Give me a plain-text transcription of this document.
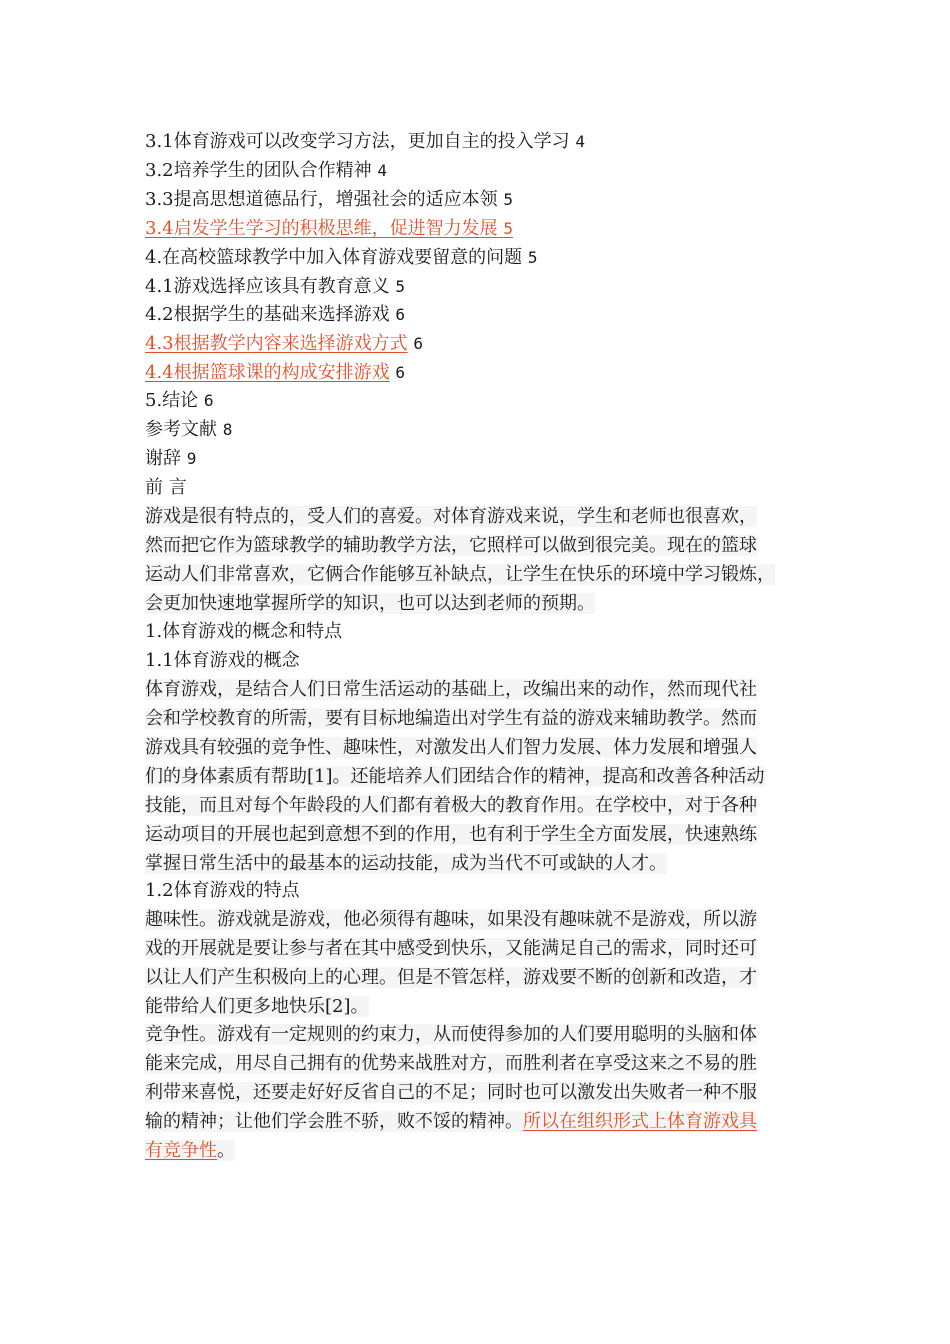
3.1体育游戏可以改变学习方法，更加自主的投入学习 4
3.2培养学生的团队合作精神 4
3.3提高思想道德品行，增强社会的适应本领 5
3.4启发学生学习的积极思维，促进智力发展 5
4.在高校篮球教学中加入体育游戏要留意的问题 5
4.1游戏选择应该具有教育意义 5
4.2根据学生的基础来选择游戏 6
4.3根据教学内容来选择游戏方式 6
4.4根据篮球课的构成安排游戏 6
5.结论 6
参考文献 8
谢辞 9
前 言
游戏是很有特点的，受人们的喜爱。对体育游戏来说，学生和老师也很喜欢，
然而把它作为篮球教学的辅助教学方法，它照样可以做到很完美。现在的篮球
运动人们非常喜欢，它俩合作能够互补缺点，让学生在快乐的环境中学习锻炼，
会更加快速地掌握所学的知识，也可以达到老师的预期。
1.体育游戏的概念和特点
1.1体育游戏的概念
体育游戏，是结合人们日常生活运动的基础上，改编出来的动作，然而现代社
会和学校教育的所需，要有目标地编造出对学生有益的游戏来辅助教学。然而
游戏具有较强的竞争性、趣味性，对激发出人们智力发展、体力发展和增强人
们的身体素质有帮助[1]。还能培养人们团结合作的精神，提高和改善各种活动
技能，而且对每个年龄段的人们都有着极大的教育作用。在学校中，对于各种
运动项目的开展也起到意想不到的作用，也有利于学生全方面发展，快速熟练
掌握日常生活中的最基本的运动技能，成为当代不可或缺的人才。
1.2体育游戏的特点
趣味性。游戏就是游戏，他必须得有趣味，如果没有趣味就不是游戏，所以游
戏的开展就是要让参与者在其中感受到快乐，又能满足自己的需求，同时还可
以让人们产生积极向上的心理。但是不管怎样，游戏要不断的创新和改造，才
能带给人们更多地快乐[2]。
竞争性。游戏有一定规则的约束力，从而使得参加的人们要用聪明的头脑和体
能来完成，用尽自己拥有的优势来战胜对方，而胜利者在享受这来之不易的胜
利带来喜悦，还要走好好反省自己的不足；同时也可以激发出失败者一种不服
输的精神；让他们学会胜不骄，败不馁的精神。所以在组织形式上体育游戏具
有竞争性。
